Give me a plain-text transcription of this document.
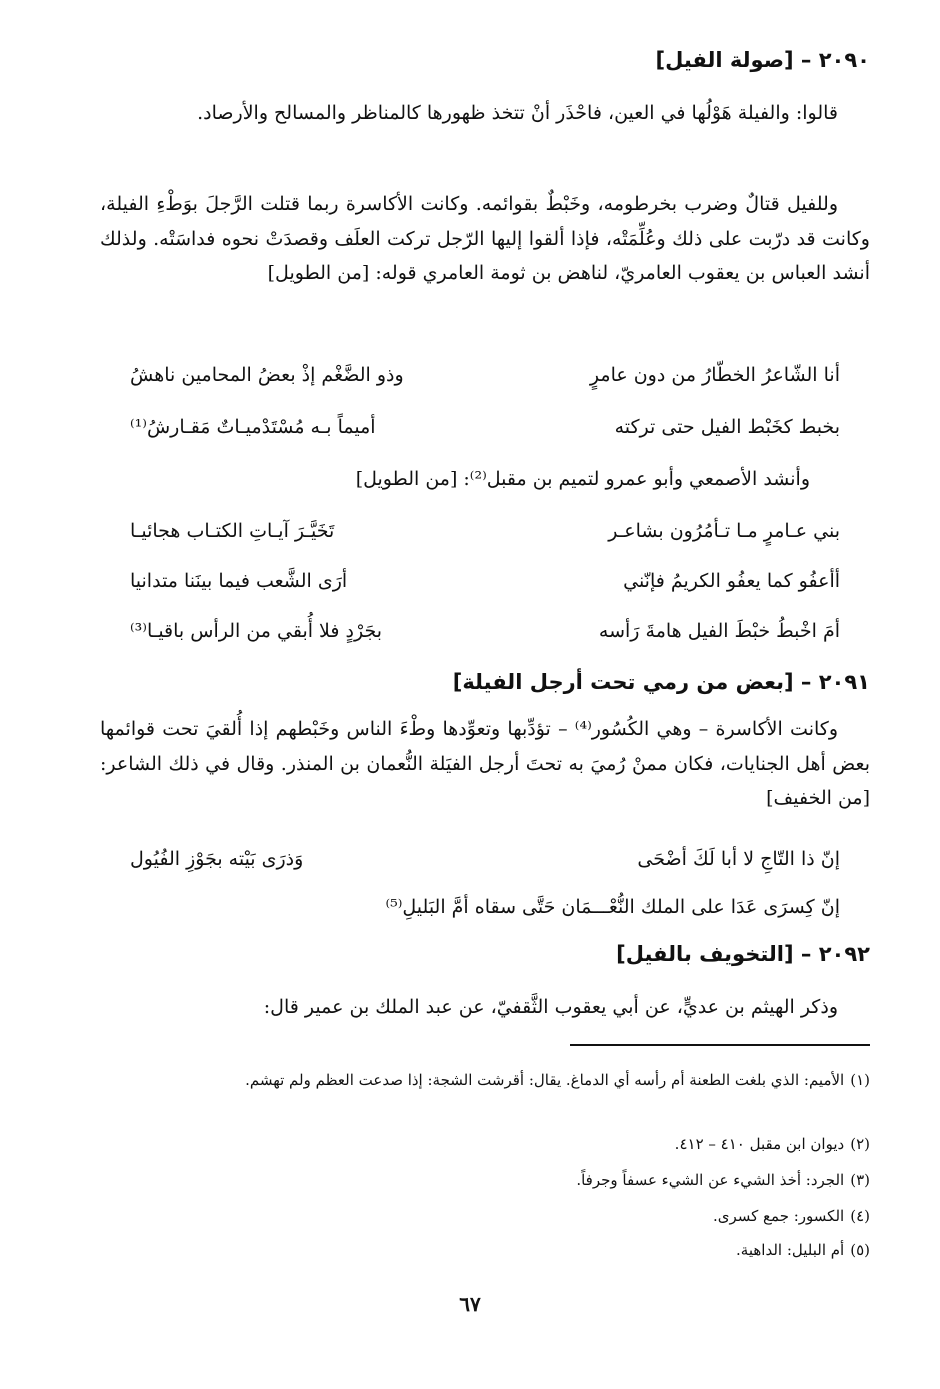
٢٠٩٠ – [صولة الفيل]

قالوا: والفيلة هَوْلُها في العين، فاحْذَر أنْ تتخذ ظهورها كالمناظر والمسالح والأرصاد.

وللفيل قتالٌ وضرب بخرطومه، وخَبْطٌ بقوائمه. وكانت الأكاسرة ربما قتلت الرَّجلَ بوَطْءِ الفيلة، وكانت قد درّبت على ذلك وعُلِّمَتْه، فإذا ألقوا إليها الرّجل تركت العلَف وقصدَتْ نحوه فداسَتْه. ولذلك أنشد العباس بن يعقوب العامريّ، لناهض بن ثومة العامري قوله: [من الطويل]

أنا الشّاعرُ الخطّارُ من دون عامرٍ
وذو الضَّغْم إذْ بعضُ المحامين ناهشُ
بخبط كخَبْط الفيل حتى تركته
أميماً بـه مُسْتَدْميـاتٌ مَقـارشُ⁽¹⁾
وأنشد الأصمعي وأبو عمرو لتميم بن مقبل⁽²⁾: [من الطويل]
بني عـامرٍ مـا تـأمُرُون بشاعـر
تَخَيَّـرَ آيـاتِ الكتـاب هجائيـا
أأعفُو كما يعفُو الكريمُ فإنّني
أرَى الشَّعب فيما بينَنا متدانيا
أمَ اخْبطُ خبْطَ الفيل هامةَ رَأسه
بجَرْدٍ فلا أُبقي من الرأس باقيـا⁽³⁾
٢٠٩١ – [بعض من رمي تحت أرجل الفيلة]

وكانت الأكاسرة – وهي الكُسُور⁽⁴⁾ – تؤدِّبها وتعوِّدها وطْءَ الناس وخَبْطهم إذا أُلقيَ تحت قوائمها بعض أهل الجنايات، فكان ممنْ رُميَ به تحتَ أرجل الفيَلة النُّعمان بن المنذر. وقال في ذلك الشاعر: [من الخفيف]

إنّ ذا التّاجِ لا أبا لَكَ أضْحَى
وَذرَى بَيْته بجَوْزِ الفُيُول
إنّ كِسرَى عَدَا على الملك النُّعْـــمَان حَتَّى سقاه أمَّ البَليلِ⁽⁵⁾
٢٠٩٢ – [التخويف بالفيل]

وذكر الهيثم بن عديٍّ، عن أبي يعقوب الثَّقفيّ، عن عبد الملك بن عمير قال:

(١)الأميم: الذي بلغت الطعنة أم رأسه أي الدماغ. يقال: أقرشت الشجة: إذا صدعت العظم ولم تهشم.
(٢)ديوان ابن مقبل ٤١٠ – ٤١٢.
(٣)الجرد: أخذ الشيء عن الشيء عسفاً وجرفاً.
(٤)الكسور: جمع كسرى.
(٥)أم البليل: الداهية.
٦٧
